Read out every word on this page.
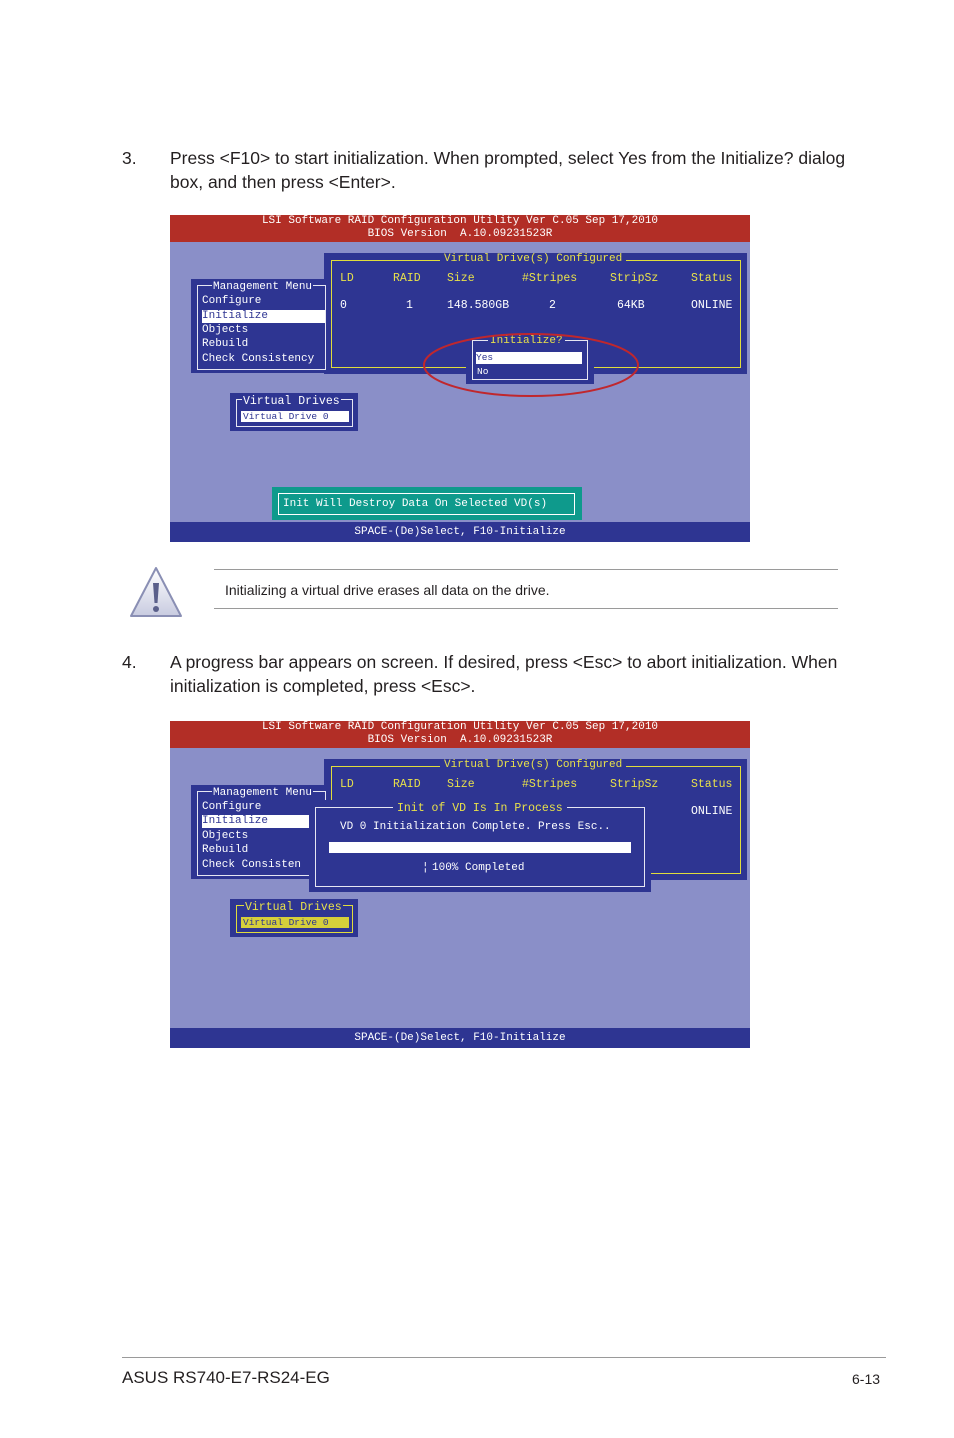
3. Press <F10> to start initialization. When prompted, select Yes from the Initialize? dialog box, and then press <Enter>.
LSI Software RAID Configuration Utility Ver C.05 Sep 17,2010
BIOS Version  A.10.09231523R
Virtual Drive(s) Configured
LD	RAID Size	#Stripes	StripSz	Status
0	1	148.580GB	2	64KB	ONLINE
Management Menu
Configure
Initialize
Objects
Rebuild
Check Consistency
Initialize?
Yes
No
Virtual Drives
Virtual Drive 0
Init Will Destroy Data On Selected VD(s)
SPACE-(De)Select, F10-Initialize
Initializing a virtual drive erases all data on the drive.
4. A progress bar appears on screen. If desired, press <Esc> to abort initialization. When initialization is completed, press <Esc>.
LSI Software RAID Configuration Utility Ver C.05 Sep 17,2010
BIOS Version  A.10.09231523R
Virtual Drive(s) Configured
LD	RAID Size	#Stripes	StripSz	Status
ONLINE
Management Menu
Configure
Initialize
Objects
Rebuild
Check Consisten
Init of VD Is In Process
VD 0 Initialization Complete. Press Esc..
¦ 100% Completed
Virtual Drives
Virtual Drive 0
SPACE-(De)Select, F10-Initialize
ASUS RS740-E7-RS24-EG	6-13
